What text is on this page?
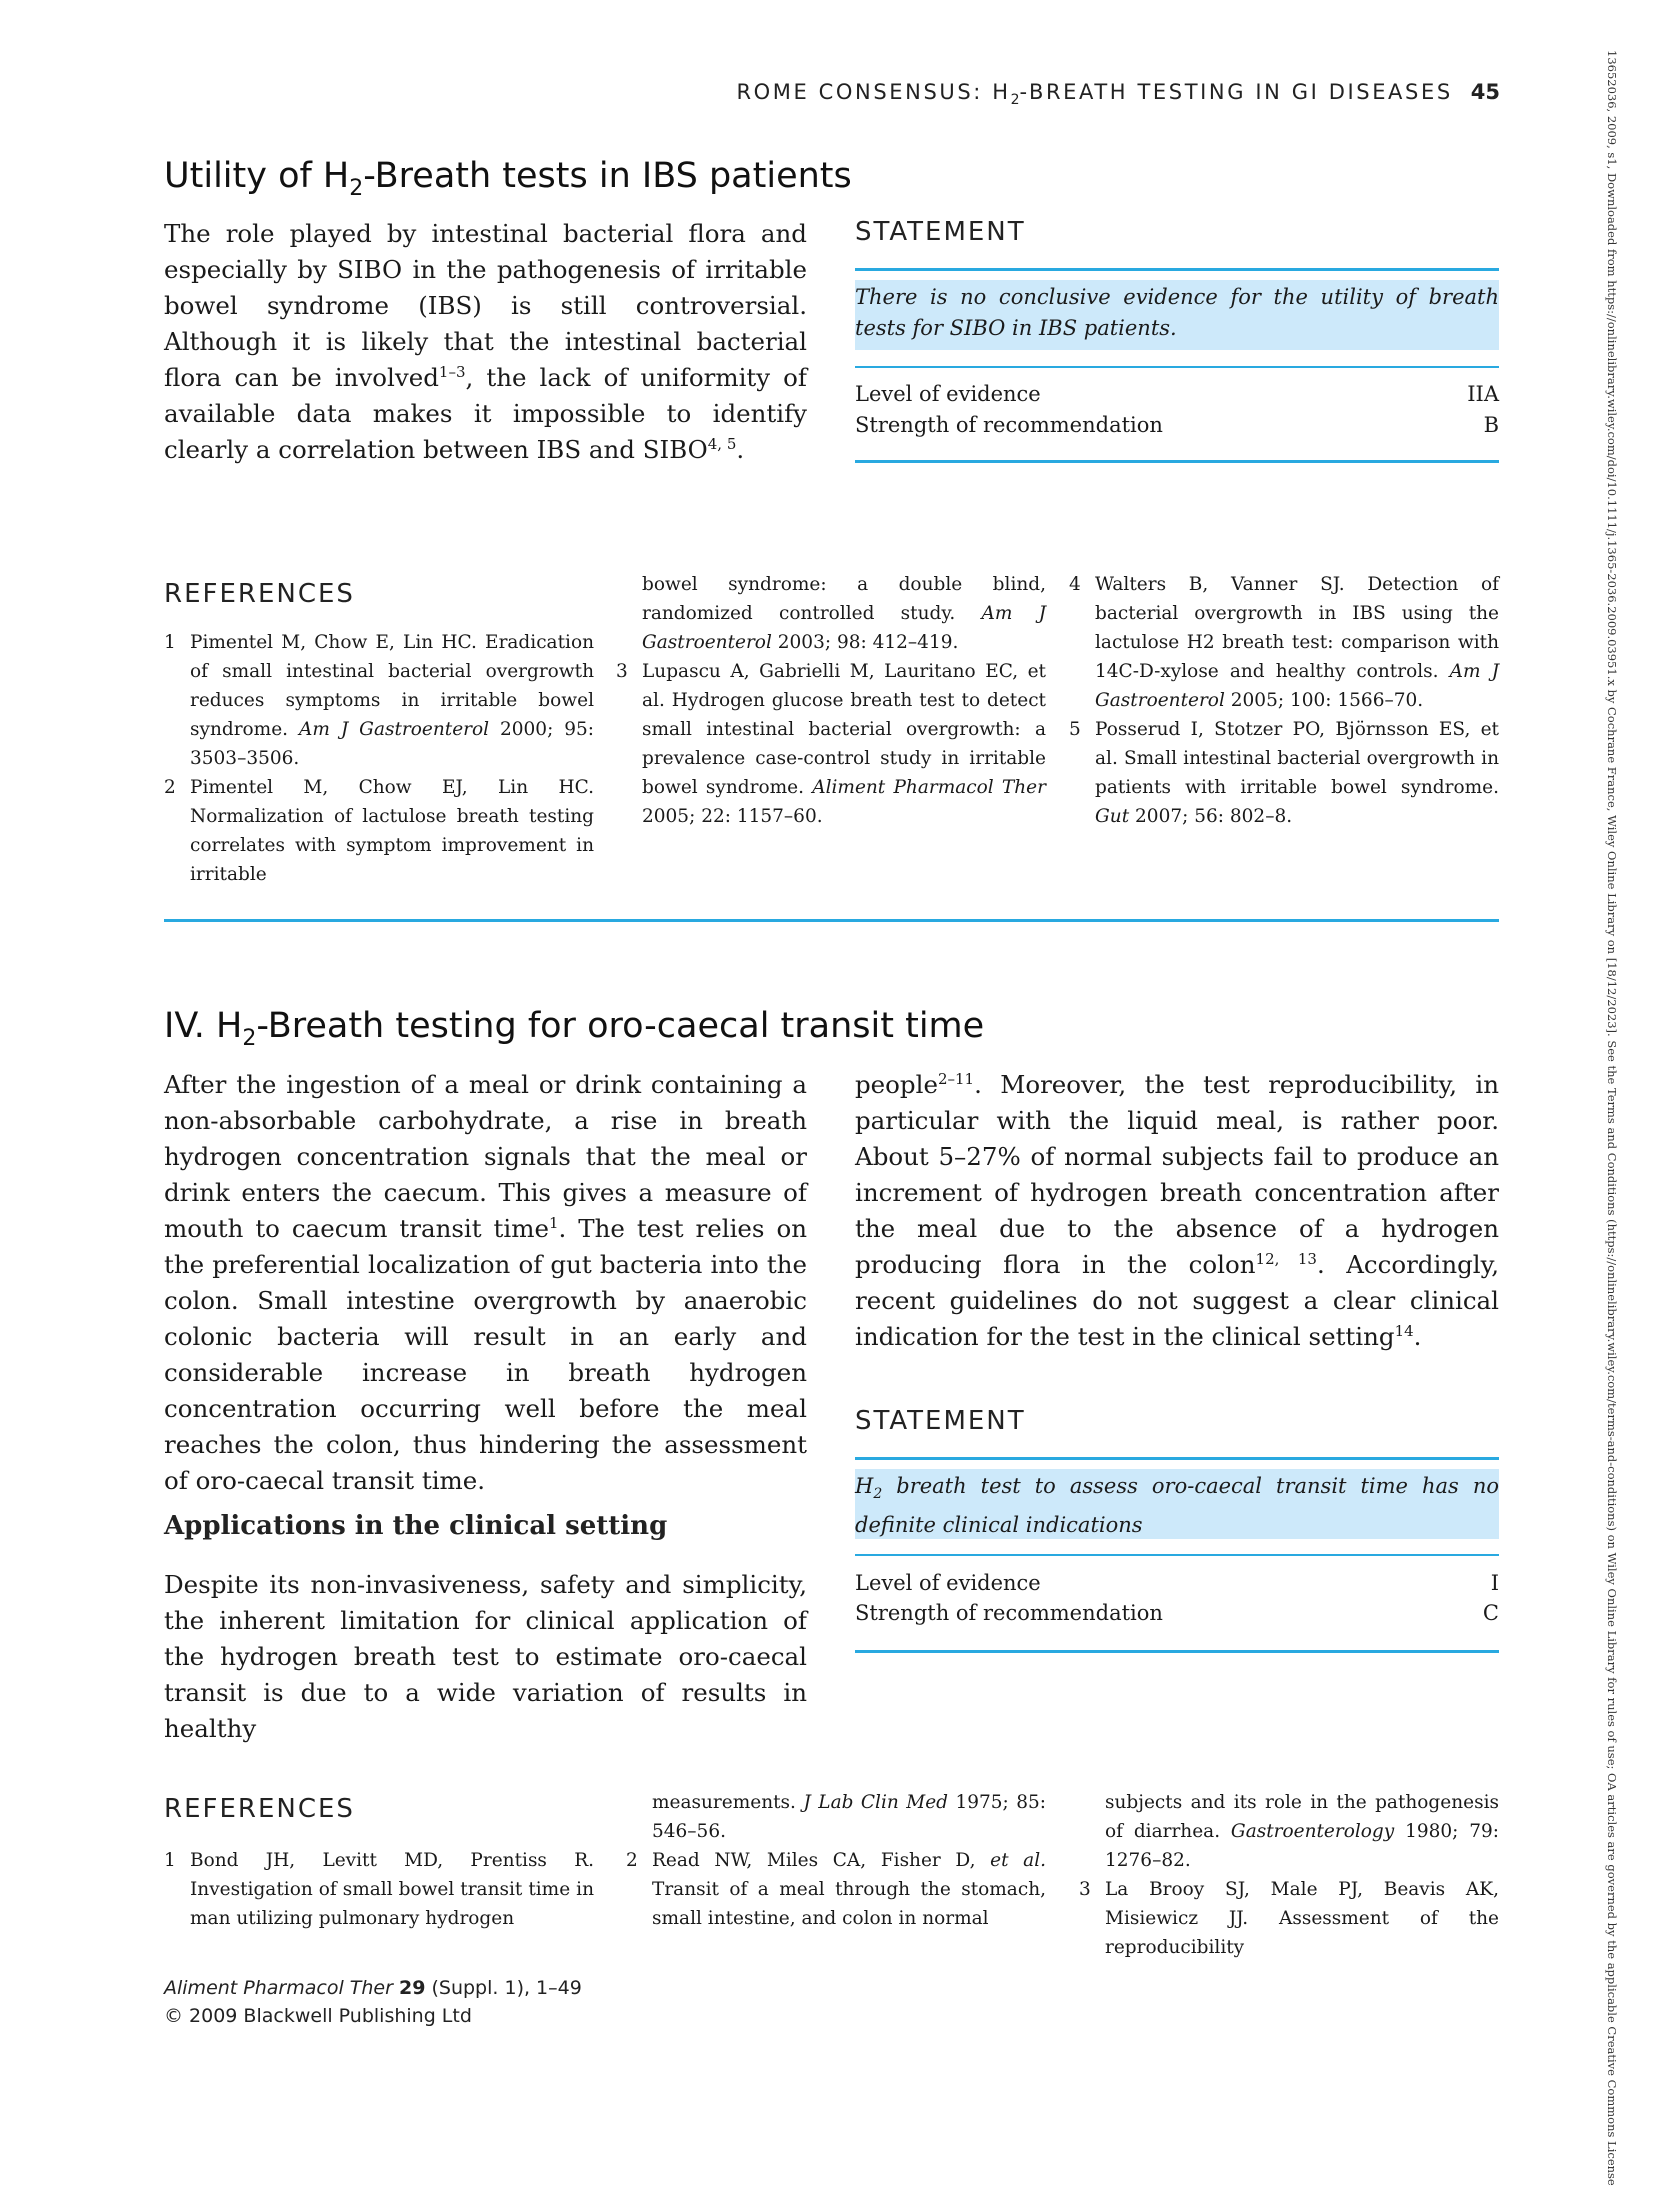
ROME CONSENSUS: $H_2$-BREATH TESTING IN GI DISEASES 45	13652036, 2009, s1, Downloaded from https://onlinelibrary.wiley.com/doi/10.1111/j.1365-2036.2009.03951.x by Cochrane France, Wiley Online Library on [18/12/2023]. See the Terms and Conditions (https://onlinelibrary.wiley.com/terms-and-conditions) on Wiley Online Library for rules of use; OA articles are governed by the applicable Creative Commons License
Utility of $H_2$-Breath tests in IBS patients

The role played by intestinal bacterial flora and especially by SIBO in the pathogenesis of irritable bowel syndrome (IBS) is still controversial. Although it is likely that the intestinal bacterial flora can be involved$^{1-3}$, the lack of uniformity of available data makes it impossible to identify clearly a correlation between IBS and SIBO$^{4, 5}$.

STATEMENT
There is no conclusive evidence for the utility of breath tests for SIBO in IBS patients.
Level of evidence	IIA
Strength of recommendation	B
REFERENCES
1 Pimentel M, Chow E, Lin HC. Eradication of small intestinal bacterial overgrowth reduces symptoms in irritable bowel syndrome. Am J Gastroenterol 2000; 95: 3503–3506.
2 Pimentel M, Chow EJ, Lin HC. Normalization of lactulose breath testing correlates with symptom improvement in irritable
bowel syndrome: a double blind, randomized controlled study. Am J Gastroenterol 2003; 98: 412–419.
3 Lupascu A, Gabrielli M, Lauritano EC, et al. Hydrogen glucose breath test to detect small intestinal bacterial overgrowth: a prevalence case-control study in irritable bowel syndrome. Aliment Pharmacol Ther 2005; 22: 1157–60.
4 Walters B, Vanner SJ. Detection of bacterial overgrowth in IBS using the lactulose H2 breath test: comparison with 14C-D-xylose and healthy controls. Am J Gastroenterol 2005; 100: 1566–70.
5 Posserud I, Stotzer PO, Björnsson ES, et al. Small intestinal bacterial overgrowth in patients with irritable bowel syndrome. Gut 2007; 56: 802–8.
IV. $H_2$-Breath testing for oro-caecal transit time

After the ingestion of a meal or drink containing a non-absorbable carbohydrate, a rise in breath hydrogen concentration signals that the meal or drink enters the caecum. This gives a measure of mouth to caecum transit time$^1$. The test relies on the preferential localization of gut bacteria into the colon. Small intestine overgrowth by anaerobic colonic bacteria will result in an early and considerable increase in breath hydrogen concentration occurring well before the meal reaches the colon, thus hindering the assessment of oro-caecal transit time.

Applications in the clinical setting

Despite its non-invasiveness, safety and simplicity, the inherent limitation for clinical application of the hydrogen breath test to estimate oro-caecal transit is due to a wide variation of results in healthy

people$^{2-11}$. Moreover, the test reproducibility, in particular with the liquid meal, is rather poor. About 5–27% of normal subjects fail to produce an increment of hydrogen breath concentration after the meal due to the absence of a hydrogen producing flora in the colon$^{12, 13}$. Accordingly, recent guidelines do not suggest a clear clinical indication for the test in the clinical setting$^{14}$.

STATEMENT
$H_2$ breath test to assess oro-caecal transit time has no definite clinical indications
Level of evidence	I
Strength of recommendation	C
REFERENCES
1 Bond JH, Levitt MD, Prentiss R. Investigation of small bowel transit time in man utilizing pulmonary hydrogen
measurements. J Lab Clin Med 1975; 85: 546–56.
2 Read NW, Miles CA, Fisher D, et al. Transit of a meal through the stomach, small intestine, and colon in normal
subjects and its role in the pathogenesis of diarrhea. Gastroenterology 1980; 79: 1276–82.
3 La Brooy SJ, Male PJ, Beavis AK, Misiewicz JJ. Assessment of the reproducibility
Aliment Pharmacol Ther 29 (Suppl. 1), 1–49
© 2009 Blackwell Publishing Ltd
